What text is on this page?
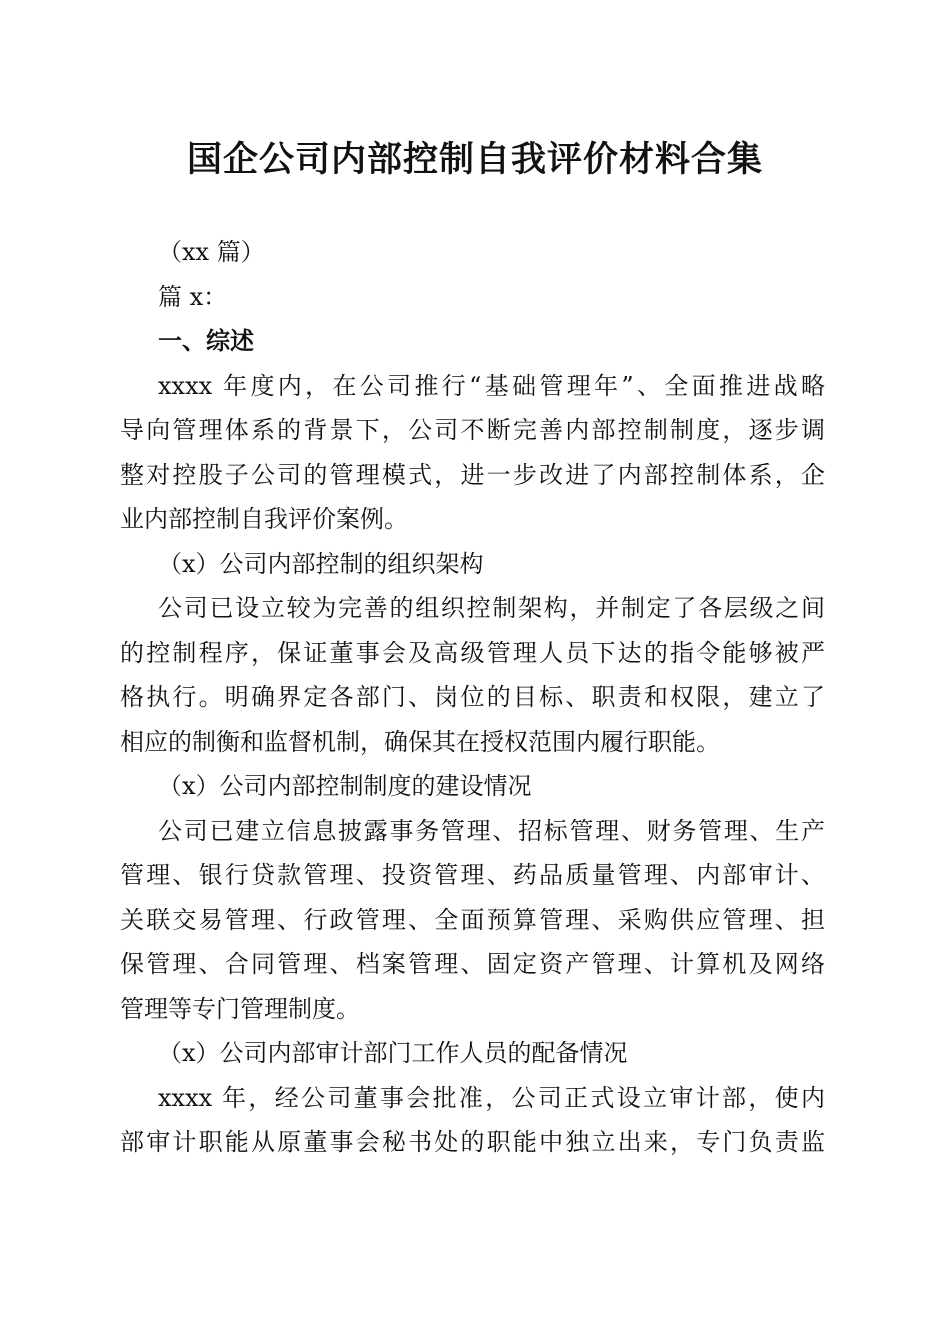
国企公司内部控制自我评价材料合集

（xx 篇）

篇 x：

一、综述

xxxx 年度内，在公司推行“基础管理年”、全面推进战略

导向管理体系的背景下，公司不断完善内部控制制度，逐步调

整对控股子公司的管理模式，进一步改进了内部控制体系，企

业内部控制自我评价案例。

（x）公司内部控制的组织架构

公司已设立较为完善的组织控制架构，并制定了各层级之间

的控制程序，保证董事会及高级管理人员下达的指令能够被严

格执行。明确界定各部门、岗位的目标、职责和权限，建立了

相应的制衡和监督机制，确保其在授权范围内履行职能。

（x）公司内部控制制度的建设情况

公司已建立信息披露事务管理、招标管理、财务管理、生产

管理、银行贷款管理、投资管理、药品质量管理、内部审计、

关联交易管理、行政管理、全面预算管理、采购供应管理、担

保管理、合同管理、档案管理、固定资产管理、计算机及网络

管理等专门管理制度。

（x）公司内部审计部门工作人员的配备情况

xxxx 年，经公司董事会批准，公司正式设立审计部，使内

部审计职能从原董事会秘书处的职能中独立出来，专门负责监
